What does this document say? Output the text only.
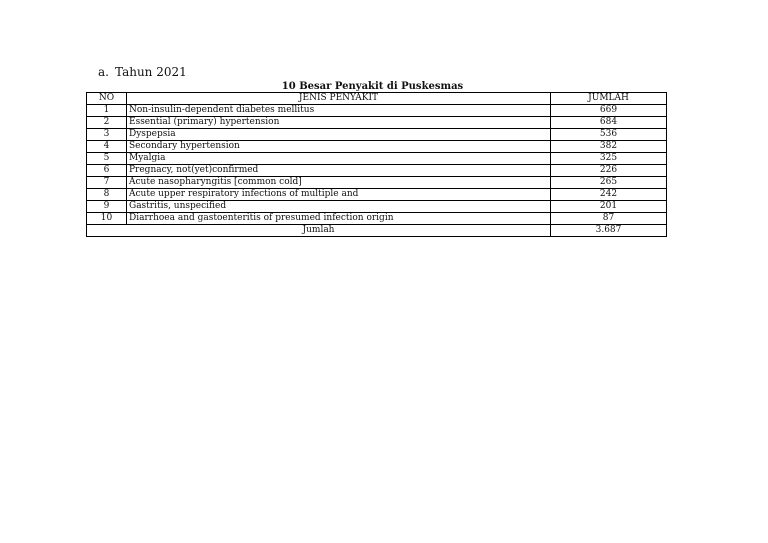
a. Tahun 2021
10 Besar Penyakit di Puskesmas
NO	JENIS PENYAKIT	JUMLAH
1	Non-insulin-dependent diabetes mellitus	669
2	Essential (primary) hypertension	684
3	Dyspepsia	536
4	Secondary hypertension	382
5	Myalgia	325
6	Pregnacy, not(yet)confirmed	226
7	Acute nasopharyngitis [common cold]	265
8	Acute upper respiratory infections of multiple and	242
9	Gastritis, unspecified	201
10	Diarrhoea and gastoenteritis of presumed infection origin	87
Jumlah		3.687
